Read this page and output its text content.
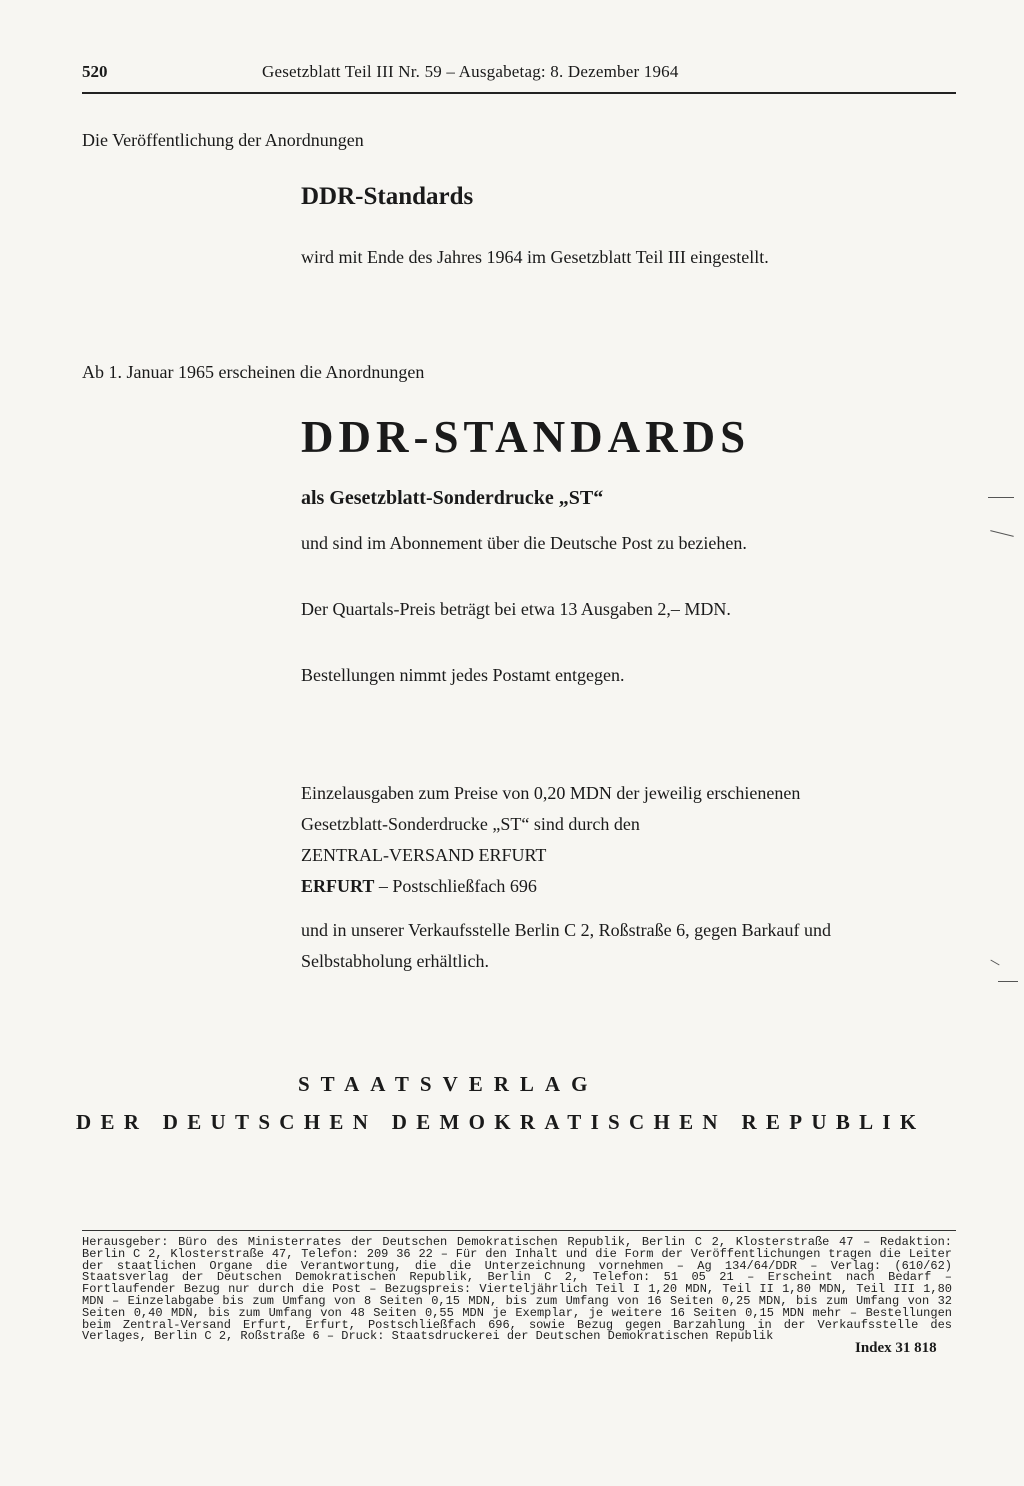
520	Gesetzblatt Teil III Nr. 59 – Ausgabetag: 8. Dezember 1964
Die Veröffentlichung der Anordnungen
DDR-Standards
wird mit Ende des Jahres 1964 im Gesetzblatt Teil III eingestellt.
Ab 1. Januar 1965 erscheinen die Anordnungen
DDR-STANDARDS
als Gesetzblatt-Sonderdrucke „ST“
und sind im Abonnement über die Deutsche Post zu beziehen.
Der Quartals-Preis beträgt bei etwa 13 Ausgaben 2,– MDN.
Bestellungen nimmt jedes Postamt entgegen.
Einzelausgaben zum Preise von 0,20 MDN der jeweilig erschienenen
Gesetzblatt-Sonderdrucke „ST“ sind durch den
ZENTRAL-VERSAND ERFURT
ERFURT – Postschließfach 696
und in unserer Verkaufsstelle Berlin C 2, Roßstraße 6, gegen Barkauf und
Selbstabholung erhältlich.
STAATSVERLAG
DER DEUTSCHEN DEMOKRATISCHEN REPUBLIK
Herausgeber: Büro des Ministerrates der Deutschen Demokratischen Republik, Berlin C 2, Klosterstraße 47 – Redaktion: Berlin C 2, Klosterstraße 47, Telefon: 209 36 22 – Für den Inhalt und die Form der Veröffentlichungen tragen die Leiter der staatlichen Organe die Verantwortung, die die Unterzeichnung vornehmen – Ag 134/64/DDR – Verlag: (610/62) Staatsverlag der Deutschen Demokratischen Republik, Berlin C 2, Telefon: 51 05 21 – Erscheint nach Bedarf – Fortlaufender Bezug nur durch die Post – Bezugspreis: Vierteljährlich Teil I 1,20 MDN, Teil II 1,80 MDN, Teil III 1,80 MDN – Einzelabgabe bis zum Umfang von 8 Seiten 0,15 MDN, bis zum Umfang von 16 Seiten 0,25 MDN, bis zum Umfang von 32 Seiten 0,40 MDN, bis zum Umfang von 48 Seiten 0,55 MDN je Exemplar, je weitere 16 Seiten 0,15 MDN mehr – Bestellungen beim Zentral-Versand Erfurt, Erfurt, Postschließfach 696, sowie Bezug gegen Barzahlung in der Verkaufsstelle des Verlages, Berlin C 2, Roßstraße 6 – Druck: Staatsdruckerei der Deutschen Demokratischen Republik
Index 31 818
